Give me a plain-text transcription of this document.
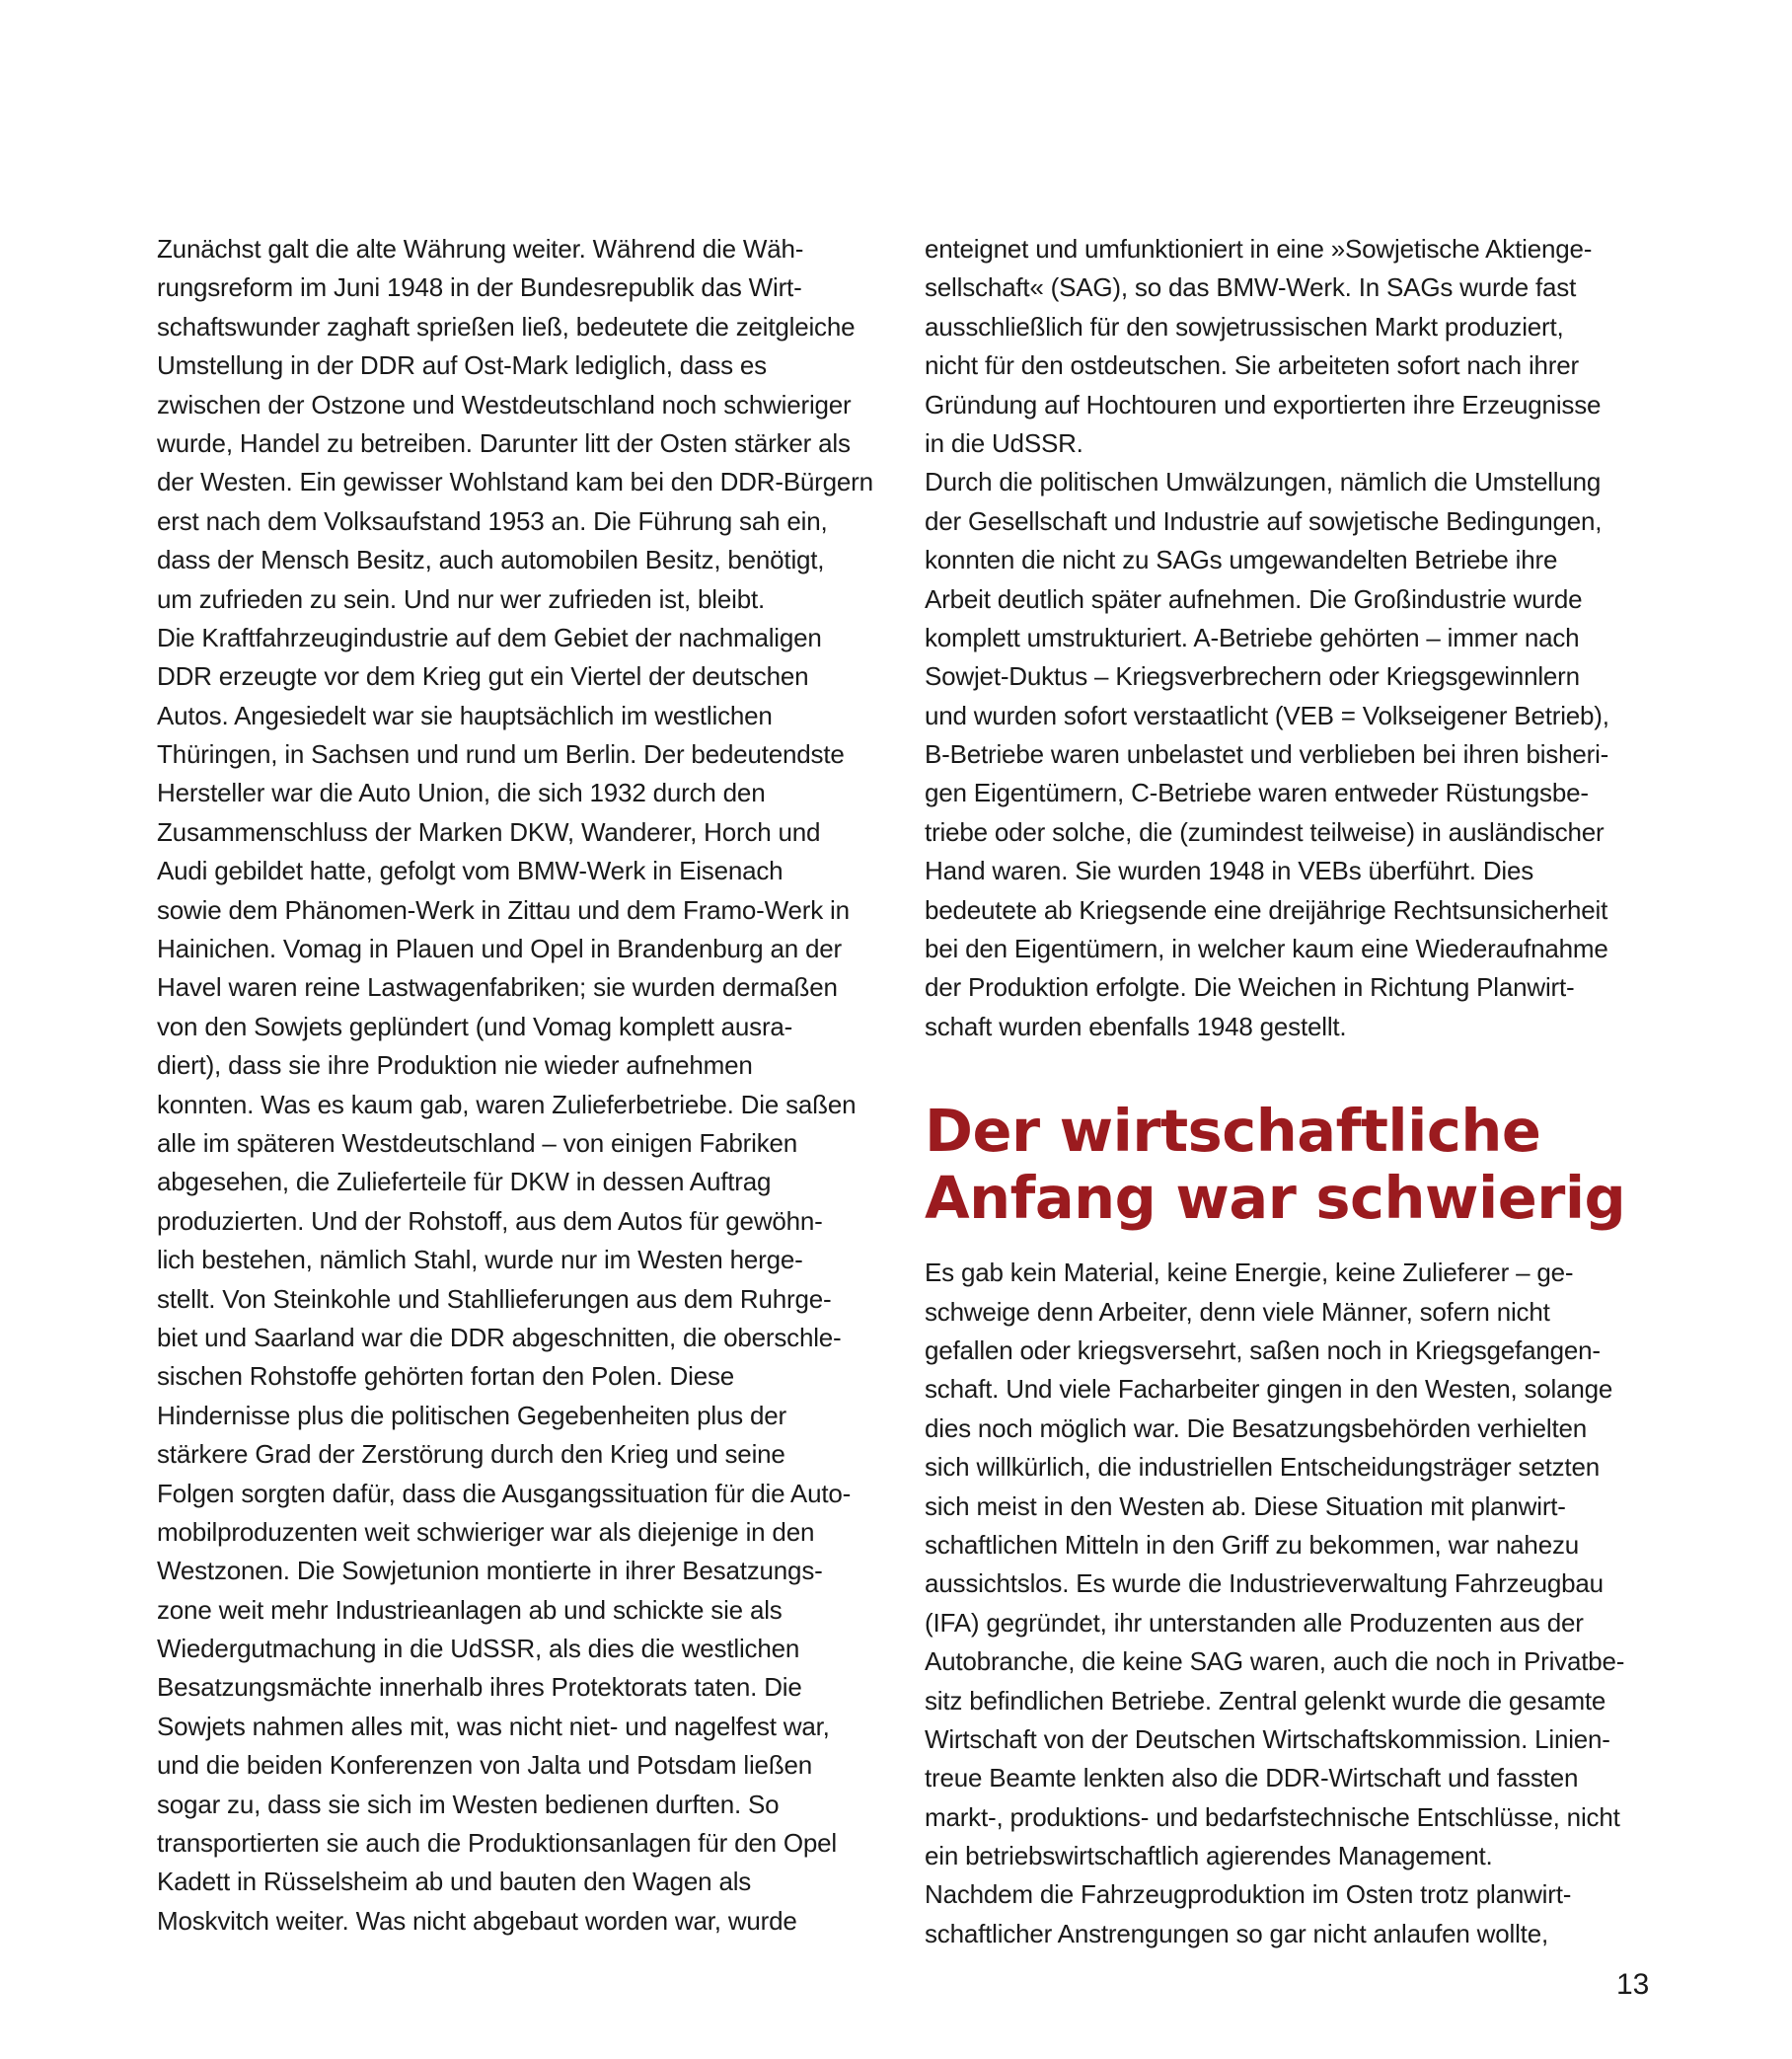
Zunächst galt die alte Währung weiter. Während die Wäh-
rungsreform im Juni 1948 in der Bundesrepublik das Wirt-
schaftswunder zaghaft sprießen ließ, bedeutete die zeitgleiche
Umstellung in der DDR auf Ost-Mark lediglich, dass es
zwischen der Ostzone und Westdeutschland noch schwieriger
wurde, Handel zu betreiben. Darunter litt der Osten stärker als
der Westen. Ein gewisser Wohlstand kam bei den DDR-Bürgern
erst nach dem Volksaufstand 1953 an. Die Führung sah ein,
dass der Mensch Besitz, auch automobilen Besitz, benötigt,
um zufrieden zu sein. Und nur wer zufrieden ist, bleibt.
Die Kraftfahrzeugindustrie auf dem Gebiet der nachmaligen
DDR erzeugte vor dem Krieg gut ein Viertel der deutschen
Autos. Angesiedelt war sie hauptsächlich im westlichen
Thüringen, in Sachsen und rund um Berlin. Der bedeutendste
Hersteller war die Auto Union, die sich 1932 durch den
Zusammenschluss der Marken DKW, Wanderer, Horch und
Audi gebildet hatte, gefolgt vom BMW-Werk in Eisenach
sowie dem Phänomen-Werk in Zittau und dem Framo-Werk in
Hainichen. Vomag in Plauen und Opel in Brandenburg an der
Havel waren reine Lastwagenfabriken; sie wurden dermaßen
von den Sowjets geplündert (und Vomag komplett ausra-
diert), dass sie ihre Produktion nie wieder aufnehmen
konnten. Was es kaum gab, waren Zulieferbetriebe. Die saßen
alle im späteren Westdeutschland – von einigen Fabriken
abgesehen, die Zulieferteile für DKW in dessen Auftrag
produzierten. Und der Rohstoff, aus dem Autos für gewöhn-
lich bestehen, nämlich Stahl, wurde nur im Westen herge-
stellt. Von Steinkohle und Stahllieferungen aus dem Ruhrge-
biet und Saarland war die DDR abgeschnitten, die oberschle-
sischen Rohstoffe gehörten fortan den Polen. Diese
Hindernisse plus die politischen Gegebenheiten plus der
stärkere Grad der Zerstörung durch den Krieg und seine
Folgen sorgten dafür, dass die Ausgangssituation für die Auto-
mobilproduzenten weit schwieriger war als diejenige in den
Westzonen. Die Sowjetunion montierte in ihrer Besatzungs-
zone weit mehr Industrieanlagen ab und schickte sie als
Wiedergutmachung in die UdSSR, als dies die westlichen
Besatzungsmächte innerhalb ihres Protektorats taten. Die
Sowjets nahmen alles mit, was nicht niet- und nagelfest war,
und die beiden Konferenzen von Jalta und Potsdam ließen
sogar zu, dass sie sich im Westen bedienen durften. So
transportierten sie auch die Produktionsanlagen für den Opel
Kadett in Rüsselsheim ab und bauten den Wagen als
Moskvitch weiter. Was nicht abgebaut worden war, wurde
enteignet und umfunktioniert in eine »Sowjetische Aktienge-
sellschaft« (SAG), so das BMW-Werk. In SAGs wurde fast
ausschließlich für den sowjetrussischen Markt produziert,
nicht für den ostdeutschen. Sie arbeiteten sofort nach ihrer
Gründung auf Hochtouren und exportierten ihre Erzeugnisse
in die UdSSR.
Durch die politischen Umwälzungen, nämlich die Umstellung
der Gesellschaft und Industrie auf sowjetische Bedingungen,
konnten die nicht zu SAGs umgewandelten Betriebe ihre
Arbeit deutlich später aufnehmen. Die Großindustrie wurde
komplett umstrukturiert. A-Betriebe gehörten – immer nach
Sowjet-Duktus – Kriegsverbrechern oder Kriegsgewinnlern
und wurden sofort verstaatlicht (VEB = Volkseigener Betrieb),
B-Betriebe waren unbelastet und verblieben bei ihren bisheri-
gen Eigentümern, C-Betriebe waren entweder Rüstungsbe-
triebe oder solche, die (zumindest teilweise) in ausländischer
Hand waren. Sie wurden 1948 in VEBs überführt. Dies
bedeutete ab Kriegsende eine dreijährige Rechtsunsicherheit
bei den Eigentümern, in welcher kaum eine Wiederaufnahme
der Produktion erfolgte. Die Weichen in Richtung Planwirt-
schaft wurden ebenfalls 1948 gestellt.
Der wirtschaftliche
Anfang war schwierig
Es gab kein Material, keine Energie, keine Zulieferer – ge-
schweige denn Arbeiter, denn viele Männer, sofern nicht
gefallen oder kriegsversehrt, saßen noch in Kriegsgefangen-
schaft. Und viele Facharbeiter gingen in den Westen, solange
dies noch möglich war. Die Besatzungsbehörden verhielten
sich willkürlich, die industriellen Entscheidungsträger setzten
sich meist in den Westen ab. Diese Situation mit planwirt-
schaftlichen Mitteln in den Griff zu bekommen, war nahezu
aussichtslos. Es wurde die Industrieverwaltung Fahrzeugbau
(IFA) gegründet, ihr unterstanden alle Produzenten aus der
Autobranche, die keine SAG waren, auch die noch in Privatbe-
sitz befindlichen Betriebe. Zentral gelenkt wurde die gesamte
Wirtschaft von der Deutschen Wirtschaftskommission. Linien-
treue Beamte lenkten also die DDR-Wirtschaft und fassten
markt-, produktions- und bedarfstechnische Entschlüsse, nicht
ein betriebswirtschaftlich agierendes Management.
Nachdem die Fahrzeugproduktion im Osten trotz planwirt-
schaftlicher Anstrengungen so gar nicht anlaufen wollte,
13
